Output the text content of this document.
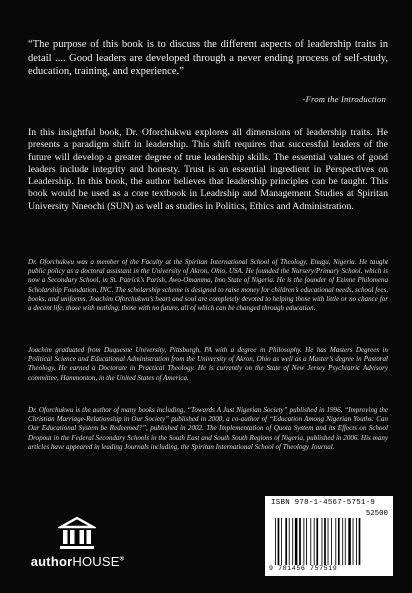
“The purpose of this book is to discuss the different aspects of leadership traits in detail .... Good leaders are developed through a never ending process of self-study, education, training, and experience.”
-From the Introduction
In this insightful book, Dr. Oforchukwu explores all dimensions of leadership traits. He presents a paradigm shift in leadership. This shift requires that successful leaders of the future will develop a greater degree of true leadership skills. The essential values of good leaders include integrity and honesty. Trust is an essential ingredient in Perspectives on Leadership. In this book, the author believes that leadership principles can be taught. This book would be used as a core textbook in Leadrship and Management Studies at Spiritan University Nneochi (SUN) as well as studies in Politics, Ethics and Administration.
Dr. Oforchukwu was a member of the Faculty at the Spiritan International School of Theology, Enugu, Nigeria. He taught public policy as a doctoral assistant in the University of Akron, Ohio, USA. He founded the Nursery/Primary School, which is now a Secondary School, in St. Patrick’s Parish, Awo-Omamma, Imo State of Nigeria. He is the founder of Ezinne Philomena Scholarship Foundation, INC. The scholarship scheme is designed to raise money for children’s educational needs, school fees, books, and uniforms. Joachim Oforchukwu’s heart and soul are completely devoted to helping those with little or no chance for a decent life, those with nothing, those with no future, all of which can be changed through education.
Joachim graduated from Duquesne University, Pittsburgh, PA with a degree in Philosophy. He has Masters Degrees in Political Science and Educational Administration from the University of Akron, Ohio as well as a Master’s degree in Pastoral Theology. He earned a Doctorate in Practical Theology. He is currently on the State of New Jersey Psychiatric Advisory committee, Hammonton, in the United States of America.
Dr. Oforchukwu is the author of many books including, “Towards A Just Nigerian Society” published in 1996, “Improving the Christian Marriage-Relationship in Our Society” published in 2000, a co-author of “Education Among Nigerian Youths: Can Our Educational System be Redeemed?”, published in 2002. The Implementation of Quota System and its Effects on School Dropout in the Federal Secondary Schools in the South East and South South Regions of Nigeria, published in 2006. His many articles have appeared in leading Journals including, the Spiritan International School of Theology Journal.
authorHOUSE®
ISBN 978-1-4567-5751-9
52500
9 781456 757519
